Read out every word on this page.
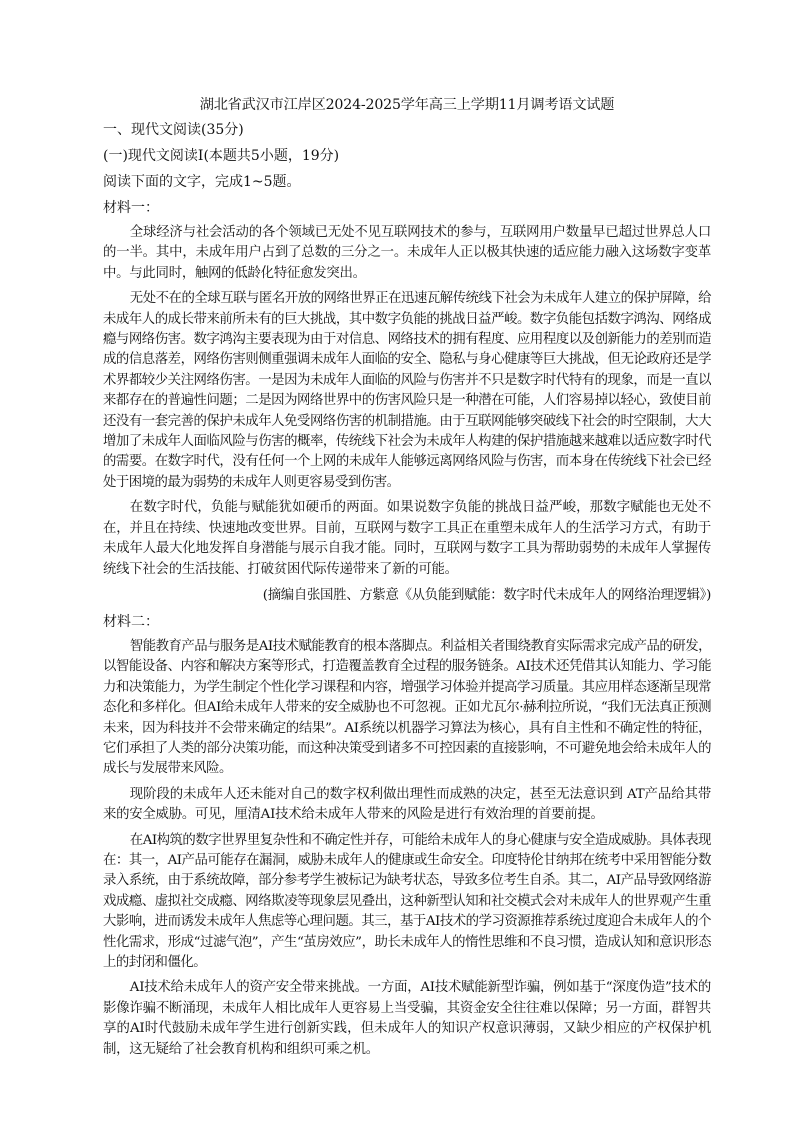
湖北省武汉市江岸区2024-2025学年高三上学期11月调考语文试题
一、现代文阅读(35分)
(一)现代文阅读Ⅰ(本题共5小题，19分)
阅读下面的文字，完成1~5题。
材料一：

全球经济与社会活动的各个领域已无处不见互联网技术的参与，互联网用户数量早已超过世界总人口的一半。其中，未成年用户占到了总数的三分之一。未成年人正以极其快速的适应能力融入这场数字变革中。与此同时，触网的低龄化特征愈发突出。

无处不在的全球互联与匿名开放的网络世界正在迅速瓦解传统线下社会为未成年人建立的保护屏障，给未成年人的成长带来前所未有的巨大挑战，其中数字负能的挑战日益严峻。数字负能包括数字鸿沟、网络成瘾与网络伤害。数字鸿沟主要表现为由于对信息、网络技术的拥有程度、应用程度以及创新能力的差别而造成的信息落差，网络伤害则侧重强调未成年人面临的安全、隐私与身心健康等巨大挑战，但无论政府还是学术界都较少关注网络伤害。一是因为未成年人面临的风险与伤害并不只是数字时代特有的现象，而是一直以来都存在的普遍性问题；二是因为网络世界中的伤害风险只是一种潜在可能，人们容易掉以轻心，致使目前还没有一套完善的保护未成年人免受网络伤害的机制措施。由于互联网能够突破线下社会的时空限制，大大增加了未成年人面临风险与伤害的概率，传统线下社会为未成年人构建的保护措施越来越难以适应数字时代的需要。在数字时代，没有任何一个上网的未成年人能够远离网络风险与伤害，而本身在传统线下社会已经处于困境的最为弱势的未成年人则更容易受到伤害。

在数字时代，负能与赋能犹如硬币的两面。如果说数字负能的挑战日益严峻，那数字赋能也无处不在，并且在持续、快速地改变世界。目前，互联网与数字工具正在重塑未成年人的生活学习方式，有助于未成年人最大化地发挥自身潜能与展示自我才能。同时，互联网与数字工具为帮助弱势的未成年人掌握传统线下社会的生活技能、打破贫困代际传递带来了新的可能。

(摘编自张国胜、方紫意《从负能到赋能：数字时代未成年人的网络治理逻辑》)
材料二：

智能教育产品与服务是AI技术赋能教育的根本落脚点。利益相关者围绕教育实际需求完成产品的研发，以智能设备、内容和解决方案等形式，打造覆盖教育全过程的服务链条。AI技术还凭借其认知能力、学习能力和决策能力，为学生制定个性化学习课程和内容，增强学习体验并提高学习质量。其应用样态逐渐呈现常态化和多样化。但AI给未成年人带来的安全威胁也不可忽视。正如尤瓦尔·赫利拉所说，“我们无法真正预测未来，因为科技并不会带来确定的结果”。AI系统以机器学习算法为核心，具有自主性和不确定性的特征，它们承担了人类的部分决策功能，而这种决策受到诸多不可控因素的直接影响，不可避免地会给未成年人的成长与发展带来风险。

现阶段的未成年人还未能对自己的数字权利做出理性而成熟的决定，甚至无法意识到 AT产品给其带来的安全威胁。可见，厘清AI技术给未成年人带来的风险是进行有效治理的首要前提。

在AI构筑的数字世界里复杂性和不确定性并存，可能给未成年人的身心健康与安全造成威胁。具体表现在：其一，AI产品可能存在漏洞，威胁未成年人的健康或生命安全。印度特伦甘纳邦在统考中采用智能分数录入系统，由于系统故障，部分参考学生被标记为缺考状态，导致多位考生自杀。其二，AI产品导致网络游戏成瘾、虚拟社交成瘾、网络欺凌等现象层见叠出，这种新型认知和社交模式会对未成年人的世界观产生重大影响，进而诱发未成年人焦虑等心理问题。其三，基于AI技术的学习资源推荐系统过度迎合未成年人的个性化需求，形成“过滤气泡”，产生“茧房效应”，助长未成年人的惰性思维和不良习惯，造成认知和意识形态上的封闭和僵化。

AI技术给未成年人的资产安全带来挑战。一方面，AI技术赋能新型诈骗，例如基于“深度伪造”技术的影像诈骗不断涌现，未成年人相比成年人更容易上当受骗，其资金安全往往难以保障；另一方面，群智共享的AI时代鼓励未成年学生进行创新实践，但未成年人的知识产权意识薄弱，又缺少相应的产权保护机制，这无疑给了社会教育机构和组织可乘之机。
